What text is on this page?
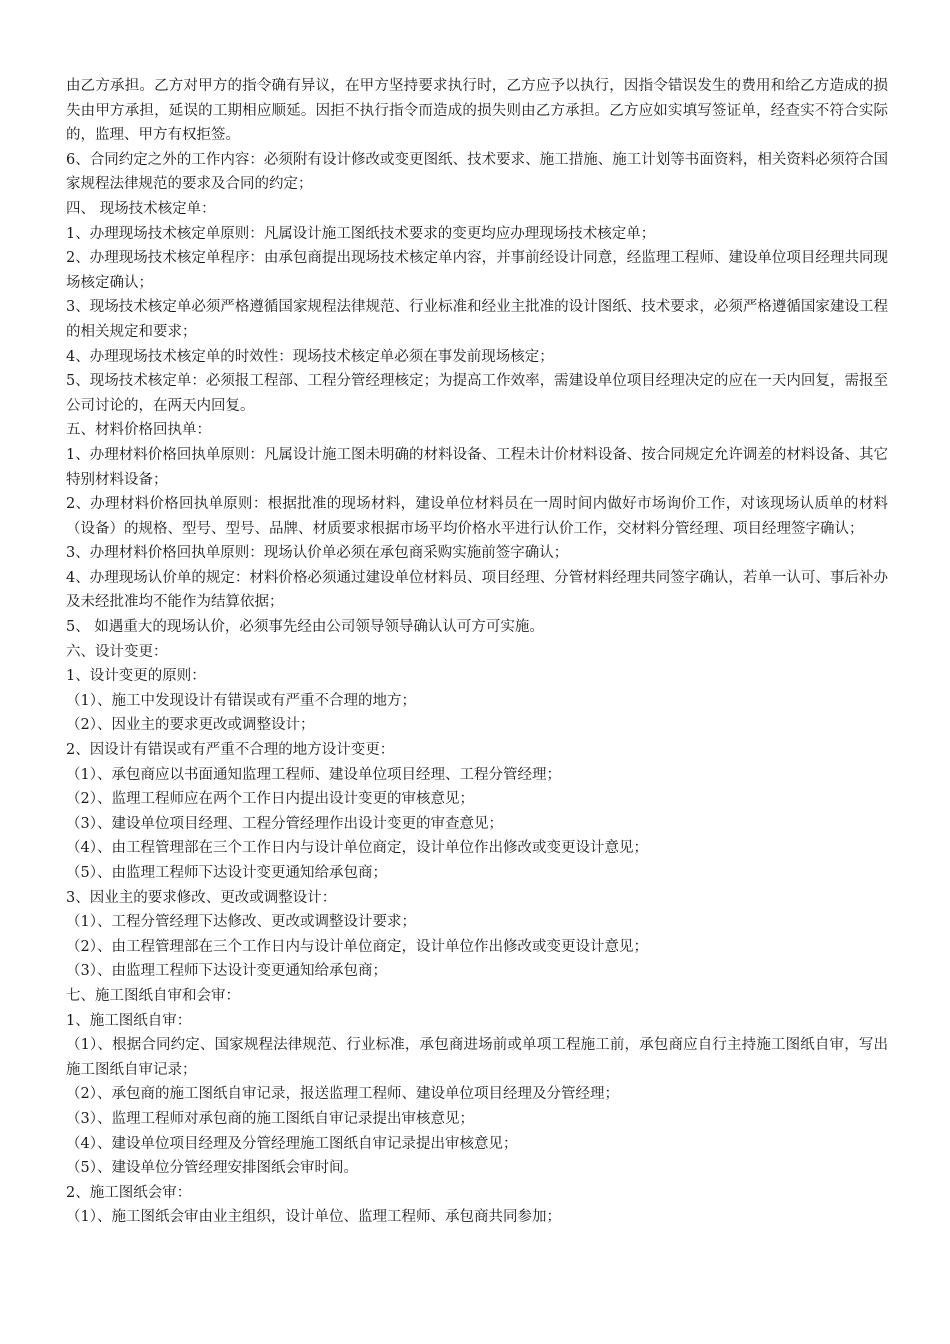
由乙方承担。乙方对甲方的指令确有异议，在甲方坚持要求执行时，乙方应予以执行，因指令错误发生的费用和给乙方造成的损失由甲方承担，延误的工期相应顺延。因拒不执行指令而造成的损失则由乙方承担。乙方应如实填写签证单，经查实不符合实际的，监理、甲方有权拒签。

6、合同约定之外的工作内容：必须附有设计修改或变更图纸、技术要求、施工措施、施工计划等书面资料，相关资料必须符合国家规程法律规范的要求及合同的约定；

四、 现场技术核定单：

1、办理现场技术核定单原则：凡属设计施工图纸技术要求的变更均应办理现场技术核定单；

2、办理现场技术核定单程序：由承包商提出现场技术核定单内容，并事前经设计同意，经监理工程师、建设单位项目经理共同现场核定确认；

3、现场技术核定单必须严格遵循国家规程法律规范、行业标准和经业主批准的设计图纸、技术要求，必须严格遵循国家建设工程的相关规定和要求；

4、办理现场技术核定单的时效性：现场技术核定单必须在事发前现场核定；

5、现场技术核定单：必须报工程部、工程分管经理核定；为提高工作效率，需建设单位项目经理决定的应在一天内回复，需报至公司讨论的，在两天内回复。

五、材料价格回执单：

1、办理材料价格回执单原则：凡属设计施工图未明确的材料设备、工程未计价材料设备、按合同规定允许调差的材料设备、其它特别材料设备；

2、办理材料价格回执单原则：根据批准的现场材料，建设单位材料员在一周时间内做好市场询价工作，对该现场认质单的材料（设备）的规格、型号、型号、品牌、材质要求根据市场平均价格水平进行认价工作，交材料分管经理、项目经理签字确认；

3、办理材料价格回执单原则：现场认价单必须在承包商采购实施前签字确认；

4、办理现场认价单的规定：材料价格必须通过建设单位材料员、项目经理、分管材料经理共同签字确认，若单一认可、事后补办及未经批准均不能作为结算依据；

5、 如遇重大的现场认价，必须事先经由公司领导领导确认认可方可实施。

六、设计变更：

1、设计变更的原则：

（1）、施工中发现设计有错误或有严重不合理的地方；

（2）、因业主的要求更改或调整设计；

2、因设计有错误或有严重不合理的地方设计变更：

（1）、承包商应以书面通知监理工程师、建设单位项目经理、工程分管经理；

（2）、监理工程师应在两个工作日内提出设计变更的审核意见；

（3）、建设单位项目经理、工程分管经理作出设计变更的审查意见；

（4）、由工程管理部在三个工作日内与设计单位商定，设计单位作出修改或变更设计意见；

（5）、由监理工程师下达设计变更通知给承包商；

3、因业主的要求修改、更改或调整设计：

（1）、工程分管经理下达修改、更改或调整设计要求；

（2）、由工程管理部在三个工作日内与设计单位商定，设计单位作出修改或变更设计意见；

（3）、由监理工程师下达设计变更通知给承包商；

七、施工图纸自审和会审：

1、施工图纸自审：

（1）、根据合同约定、国家规程法律规范、行业标准，承包商进场前或单项工程施工前，承包商应自行主持施工图纸自审，写出施工图纸自审记录；

（2）、承包商的施工图纸自审记录，报送监理工程师、建设单位项目经理及分管经理；

（3）、监理工程师对承包商的施工图纸自审记录提出审核意见；

（4）、建设单位项目经理及分管经理施工图纸自审记录提出审核意见；

（5）、建设单位分管经理安排图纸会审时间。

2、施工图纸会审：

（1）、施工图纸会审由业主组织，设计单位、监理工程师、承包商共同参加；
